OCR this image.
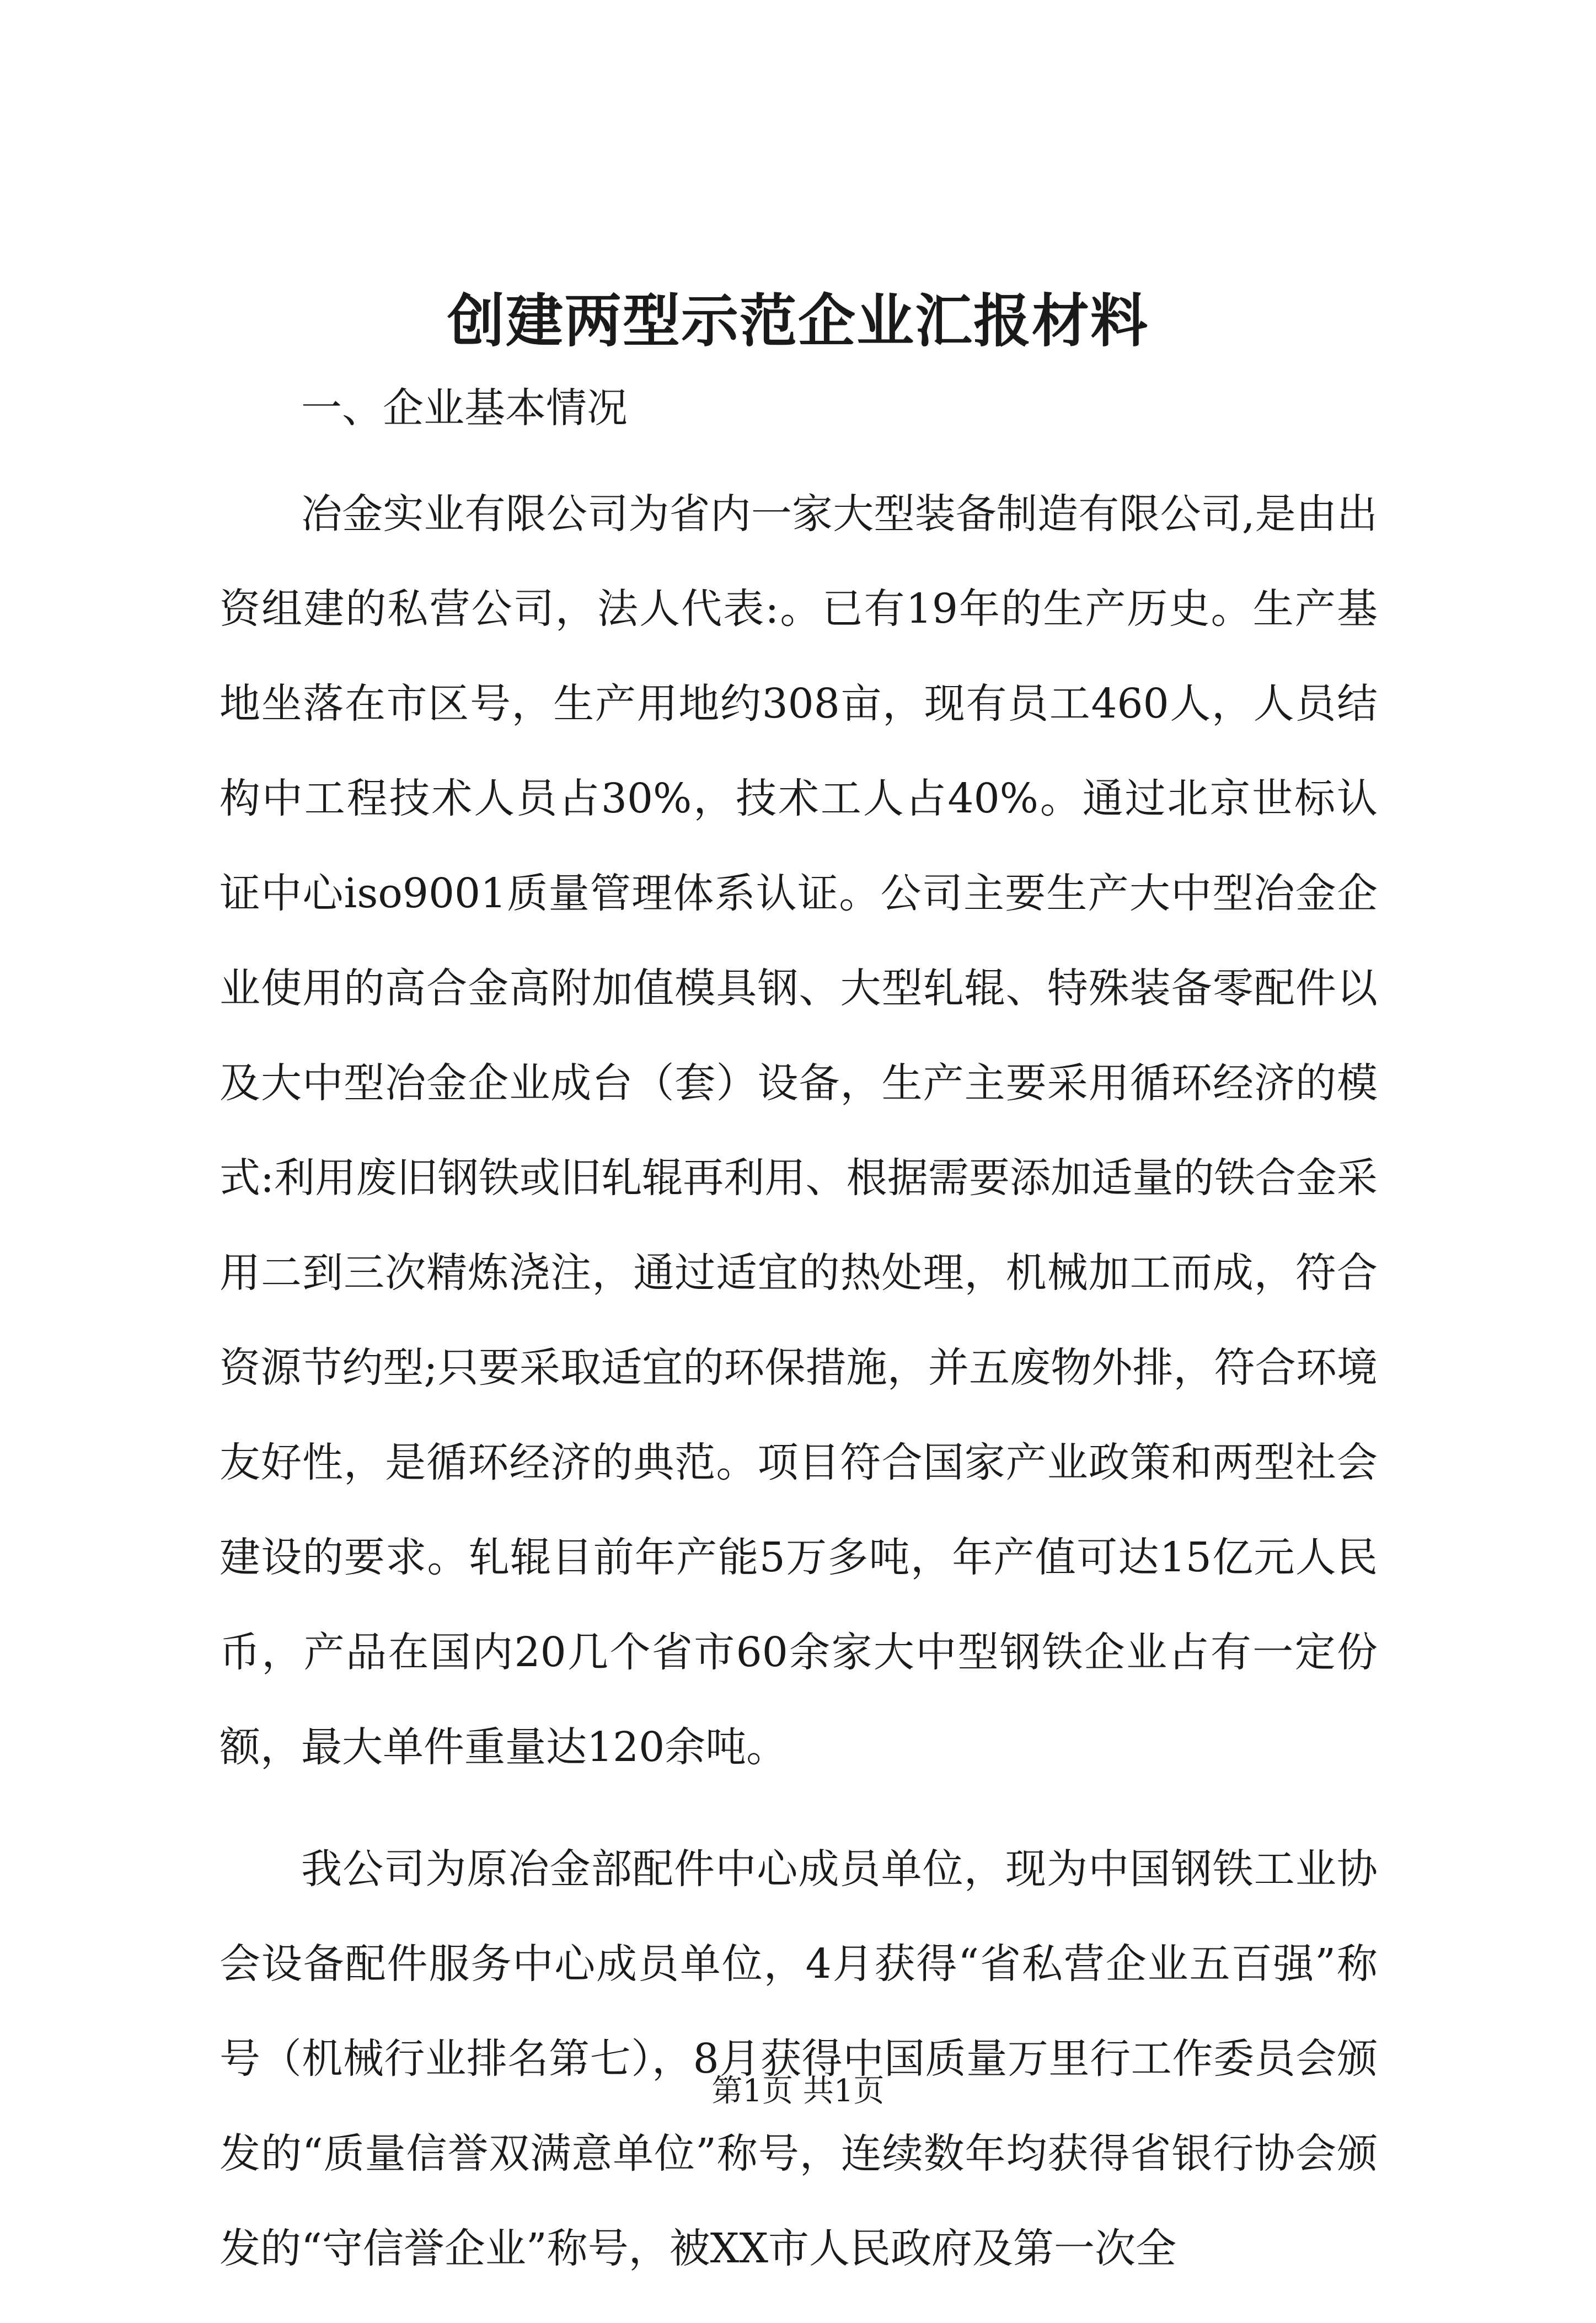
创建两型示范企业汇报材料

一、企业基本情况

冶金实业有限公司为省内一家大型装备制造有限公司,是由出资组建的私营公司，法人代表:。已有19年的生产历史。生产基地坐落在市区号，生产用地约308亩，现有员工460人，人员结构中工程技术人员占30%，技术工人占40%。通过北京世标认证中心iso9001质量管理体系认证。公司主要生产大中型冶金企业使用的高合金高附加值模具钢、大型轧辊、特殊装备零配件以及大中型冶金企业成台（套）设备，生产主要采用循环经济的模式:利用废旧钢铁或旧轧辊再利用、根据需要添加适量的铁合金采用二到三次精炼浇注，通过适宜的热处理，机械加工而成，符合资源节约型;只要采取适宜的环保措施，并五废物外排，符合环境友好性，是循环经济的典范。项目符合国家产业政策和两型社会建设的要求。轧辊目前年产能5万多吨，年产值可达15亿元人民币，产品在国内20几个省市60余家大中型钢铁企业占有一定份额，最大单件重量达120余吨。

我公司为原冶金部配件中心成员单位，现为中国钢铁工业协会设备配件服务中心成员单位，4月获得“省私营企业五百强”称号（机械行业排名第七），8月获得中国质量万里行工作委员会颁发的“质量信誉双满意单位”称号，连续数年均获得省银行协会颁发的“守信誉企业”称号，被XX市人民政府及第一次全

第1页 共1页
